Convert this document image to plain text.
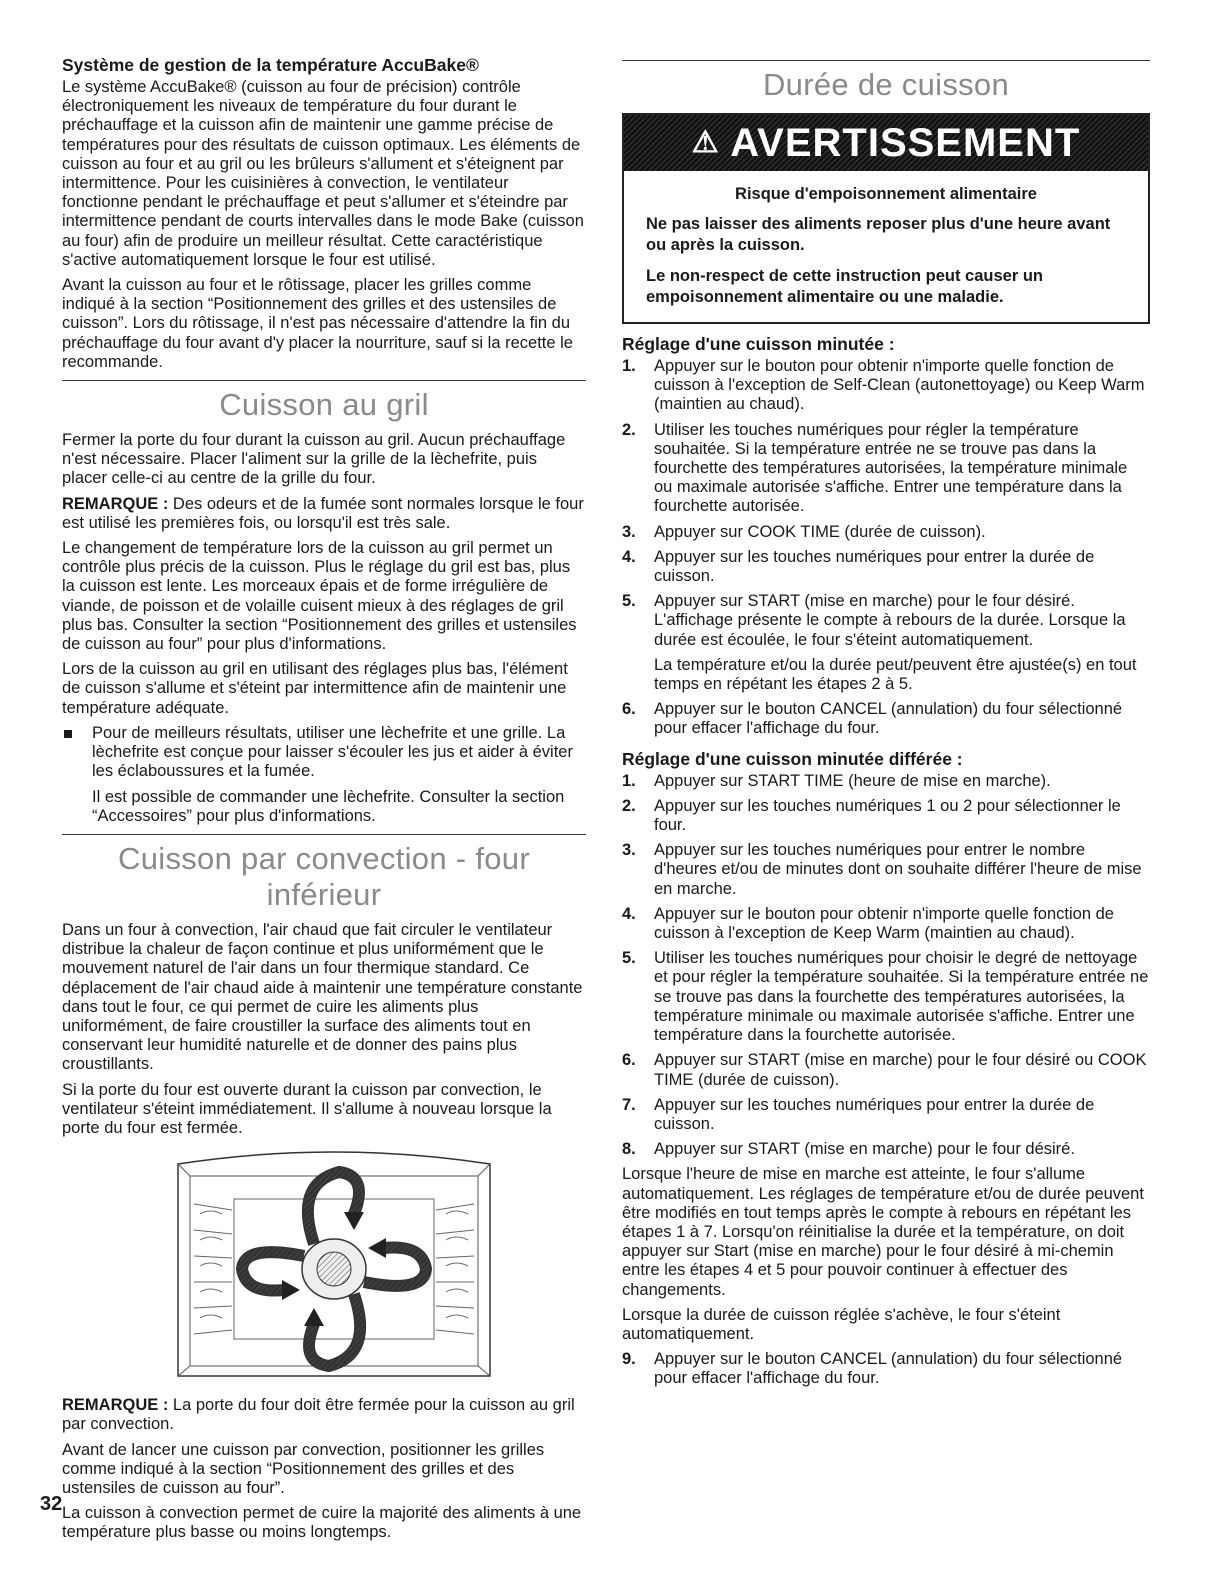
Système de gestion de la température AccuBake®

Le système AccuBake® (cuisson au four de précision) contrôle électroniquement les niveaux de température du four durant le préchauffage et la cuisson afin de maintenir une gamme précise de températures pour des résultats de cuisson optimaux. Les éléments de cuisson au four et au gril ou les brûleurs s'allument et s'éteignent par intermittence. Pour les cuisinières à convection, le ventilateur fonctionne pendant le préchauffage et peut s'allumer et s'éteindre par intermittence pendant de courts intervalles dans le mode Bake (cuisson au four) afin de produire un meilleur résultat. Cette caractéristique s'active automatiquement lorsque le four est utilisé.

Avant la cuisson au four et le rôtissage, placer les grilles comme indiqué à la section “Positionnement des grilles et des ustensiles de cuisson”. Lors du rôtissage, il n'est pas nécessaire d'attendre la fin du préchauffage du four avant d'y placer la nourriture, sauf si la recette le recommande.

Cuisson au gril

Fermer la porte du four durant la cuisson au gril. Aucun préchauffage n'est nécessaire. Placer l'aliment sur la grille de la lèchefrite, puis placer celle-ci au centre de la grille du four.

REMARQUE : Des odeurs et de la fumée sont normales lorsque le four est utilisé les premières fois, ou lorsqu'il est très sale.

Le changement de température lors de la cuisson au gril permet un contrôle plus précis de la cuisson. Plus le réglage du gril est bas, plus la cuisson est lente. Les morceaux épais et de forme irrégulière de viande, de poisson et de volaille cuisent mieux à des réglages de gril plus bas. Consulter la section “Positionnement des grilles et ustensiles de cuisson au four” pour plus d'informations.

Lors de la cuisson au gril en utilisant des réglages plus bas, l'élément de cuisson s'allume et s'éteint par intermittence afin de maintenir une température adéquate.

Pour de meilleurs résultats, utiliser une lèchefrite et une grille. La lèchefrite est conçue pour laisser s'écouler les jus et aider à éviter les éclaboussures et la fumée.

Il est possible de commander une lèchefrite. Consulter la section “Accessoires” pour plus d'informations.

Cuisson par convection - four inférieur

Dans un four à convection, l'air chaud que fait circuler le ventilateur distribue la chaleur de façon continue et plus uniformément que le mouvement naturel de l'air dans un four thermique standard. Ce déplacement de l'air chaud aide à maintenir une température constante dans tout le four, ce qui permet de cuire les aliments plus uniformément, de faire croustiller la surface des aliments tout en conservant leur humidité naturelle et de donner des pains plus croustillants.

Si la porte du four est ouverte durant la cuisson par convection, le ventilateur s'éteint immédiatement. Il s'allume à nouveau lorsque la porte du four est fermée.

REMARQUE : La porte du four doit être fermée pour la cuisson au gril par convection.

Avant de lancer une cuisson par convection, positionner les grilles comme indiqué à la section “Positionnement des grilles et des ustensiles de cuisson au four”.

La cuisson à convection permet de cuire la majorité des aliments à une température plus basse ou moins longtemps.

Durée de cuisson
⚠ AVERTISSEMENT
Risque d'empoisonnement alimentaire

Ne pas laisser des aliments reposer plus d'une heure avant ou après la cuisson.

Le non-respect de cette instruction peut causer un empoisonnement alimentaire ou une maladie.

Réglage d'une cuisson minutée :
1. Appuyer sur le bouton pour obtenir n'importe quelle fonction de cuisson à l'exception de Self-Clean (autonettoyage) ou Keep Warm (maintien au chaud).
2. Utiliser les touches numériques pour régler la température souhaitée. Si la température entrée ne se trouve pas dans la fourchette des températures autorisées, la température minimale ou maximale autorisée s'affiche. Entrer une température dans la fourchette autorisée.
3. Appuyer sur COOK TIME (durée de cuisson).
4. Appuyer sur les touches numériques pour entrer la durée de cuisson.
5. Appuyer sur START (mise en marche) pour le four désiré. L'affichage présente le compte à rebours de la durée. Lorsque la durée est écoulée, le four s'éteint automatiquement.
La température et/ou la durée peut/peuvent être ajustée(s) en tout temps en répétant les étapes 2 à 5.
6. Appuyer sur le bouton CANCEL (annulation) du four sélectionné pour effacer l'affichage du four.
Réglage d'une cuisson minutée différée :
1. Appuyer sur START TIME (heure de mise en marche).
2. Appuyer sur les touches numériques 1 ou 2 pour sélectionner le four.
3. Appuyer sur les touches numériques pour entrer le nombre d'heures et/ou de minutes dont on souhaite différer l'heure de mise en marche.
4. Appuyer sur le bouton pour obtenir n'importe quelle fonction de cuisson à l'exception de Keep Warm (maintien au chaud).
5. Utiliser les touches numériques pour choisir le degré de nettoyage et pour régler la température souhaitée. Si la température entrée ne se trouve pas dans la fourchette des températures autorisées, la température minimale ou maximale autorisée s'affiche. Entrer une température dans la fourchette autorisée.
6. Appuyer sur START (mise en marche) pour le four désiré ou COOK TIME (durée de cuisson).
7. Appuyer sur les touches numériques pour entrer la durée de cuisson.
8. Appuyer sur START (mise en marche) pour le four désiré.

Lorsque l'heure de mise en marche est atteinte, le four s'allume automatiquement. Les réglages de température et/ou de durée peuvent être modifiés en tout temps après le compte à rebours en répétant les étapes 1 à 7. Lorsqu'on réinitialise la durée et la température, on doit appuyer sur Start (mise en marche) pour le four désiré à mi-chemin entre les étapes 4 et 5 pour pouvoir continuer à effectuer des changements.

Lorsque la durée de cuisson réglée s'achève, le four s'éteint automatiquement.

9. Appuyer sur le bouton CANCEL (annulation) du four sélectionné pour effacer l'affichage du four.
32
